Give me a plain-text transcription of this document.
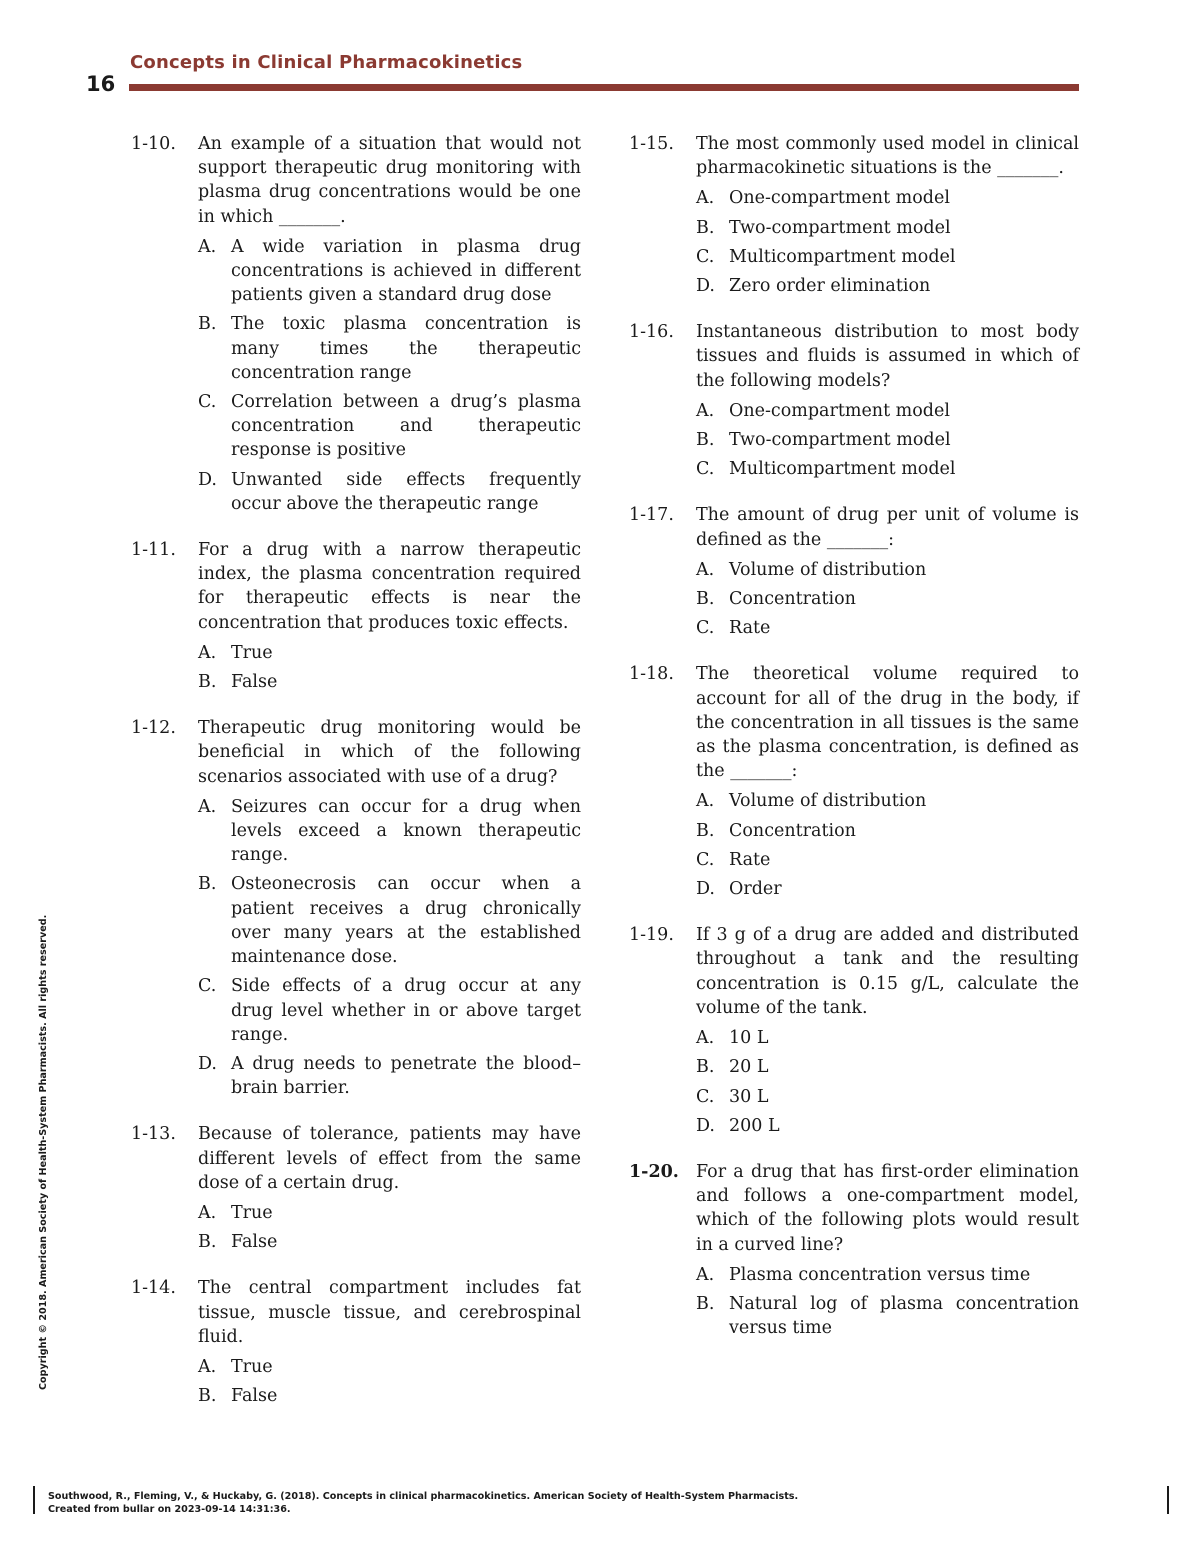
Concepts in Clinical Pharmacokinetics
16
1-10.	An example of a situation that would not support therapeutic drug monitoring with plasma drug concentrations would be one in which _______.
A. A wide variation in plasma drug concentrations is achieved in different patients given a standard drug dose
B. The toxic plasma concentration is many times the therapeutic concentration range
C. Correlation between a drug’s plasma concentration and therapeutic response is positive
D. Unwanted side effects frequently occur above the therapeutic range
1-11.	For a drug with a narrow therapeutic index, the plasma concentration required for therapeutic effects is near the concentration that produces toxic effects.
A. True
B. False
1-12.	Therapeutic drug monitoring would be beneficial in which of the following scenarios associated with use of a drug?
A. Seizures can occur for a drug when levels exceed a known therapeutic range.
B. Osteonecrosis can occur when a patient receives a drug chronically over many years at the established maintenance dose.
C. Side effects of a drug occur at any drug level whether in or above target range.
D. A drug needs to penetrate the blood–brain barrier.
1-13.	Because of tolerance, patients may have different levels of effect from the same dose of a certain drug.
A. True
B. False
1-14.	The central compartment includes fat tissue, muscle tissue, and cerebrospinal fluid.
A. True
B. False
1-15.	The most commonly used model in clinical pharmacokinetic situations is the _______.
A. One-compartment model
B. Two-compartment model
C. Multicompartment model
D. Zero order elimination
1-16.	Instantaneous distribution to most body tissues and fluids is assumed in which of the following models?
A. One-compartment model
B. Two-compartment model
C. Multicompartment model
1-17.	The amount of drug per unit of volume is defined as the _______:
A. Volume of distribution
B. Concentration
C. Rate
1-18.	The theoretical volume required to account for all of the drug in the body, if the concentration in all tissues is the same as the plasma concentration, is defined as the _______:
A. Volume of distribution
B. Concentration
C. Rate
D. Order
1-19.	If 3 g of a drug are added and distributed throughout a tank and the resulting concentration is 0.15 g/L, calculate the volume of the tank.
A. 10 L
B. 20 L
C. 30 L
D. 200 L
1-20. For a drug that has first-order elimination and follows a one-compartment model, which of the following plots would result in a curved line?
A. Plasma concentration versus time
B. Natural log of plasma concentration versus time
Copyright © 2018. American Society of Health-System Pharmacists. All rights reserved.
Southwood, R., Fleming, V., & Huckaby, G. (2018). Concepts in clinical pharmacokinetics. American Society of Health-System Pharmacists.
Created from bullar on 2023-09-14 14:31:36.
